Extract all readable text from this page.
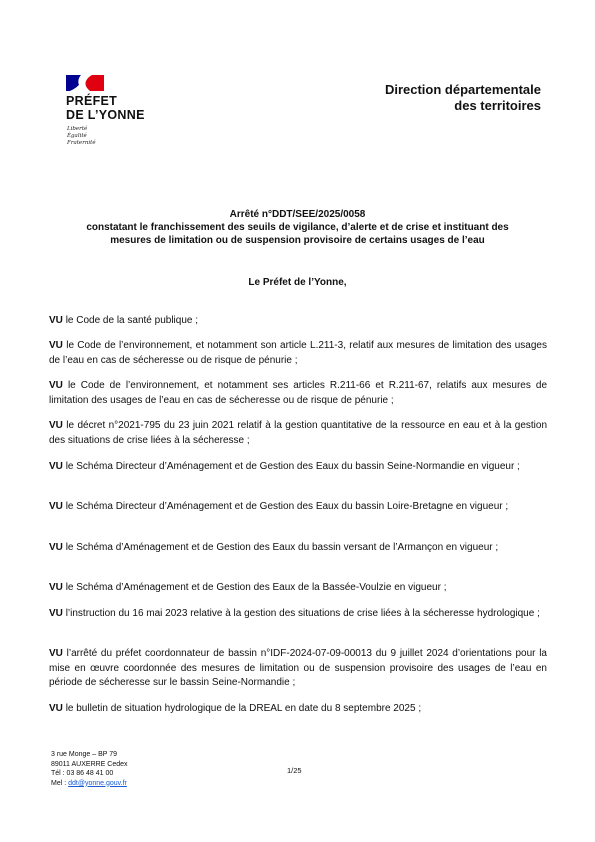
PRÉFET
DE L’YONNE
Liberté
Égalité
Fraternité
Direction départementale
des territoires
Arrêté n°DDT/SEE/2025/0058
constatant le franchissement des seuils de vigilance, d’alerte et de crise et instituant des
mesures de limitation ou de suspension provisoire de certains usages de l’eau
Le Préfet de l’Yonne,
VU le Code de la santé publique ;
VU le Code de l’environnement, et notamment son article L.211-3, relatif aux mesures de limitation des usages de l’eau en cas de sécheresse ou de risque de pénurie ;
VU le Code de l’environnement, et notamment ses articles R.211-66 et R.211-67, relatifs aux mesures de limitation des usages de l’eau en cas de sécheresse ou de risque de pénurie ;
VU le décret n°2021-795 du 23 juin 2021 relatif à la gestion quantitative de la ressource en eau et à la gestion des situations de crise liées à la sécheresse ;
VU le Schéma Directeur d’Aménagement et de Gestion des Eaux du bassin Seine-Normandie en vigueur ;
VU le Schéma Directeur d’Aménagement et de Gestion des Eaux du bassin Loire-Bretagne en vigueur ;
VU le Schéma d’Aménagement et de Gestion des Eaux du bassin versant de l’Armançon en vigueur ;
VU le Schéma d’Aménagement et de Gestion des Eaux de la Bassée-Voulzie en vigueur ;
VU l’instruction du 16 mai 2023 relative à la gestion des situations de crise liées à la sécheresse hydrologique ;
VU l’arrêté du préfet coordonnateur de bassin n°IDF-2024-07-09-00013 du 9 juillet 2024 d’orientations pour la mise en œuvre coordonnée des mesures de limitation ou de suspension provisoire des usages de l’eau en période de sécheresse sur le bassin Seine-Normandie ;
VU le bulletin de situation hydrologique de la DREAL en date du 8 septembre 2025 ;
3 rue Monge – BP 79
89011 AUXERRE Cedex
Tél : 03 86 48 41 00
Mel : ddt@yonne.gouv.fr
1/25
